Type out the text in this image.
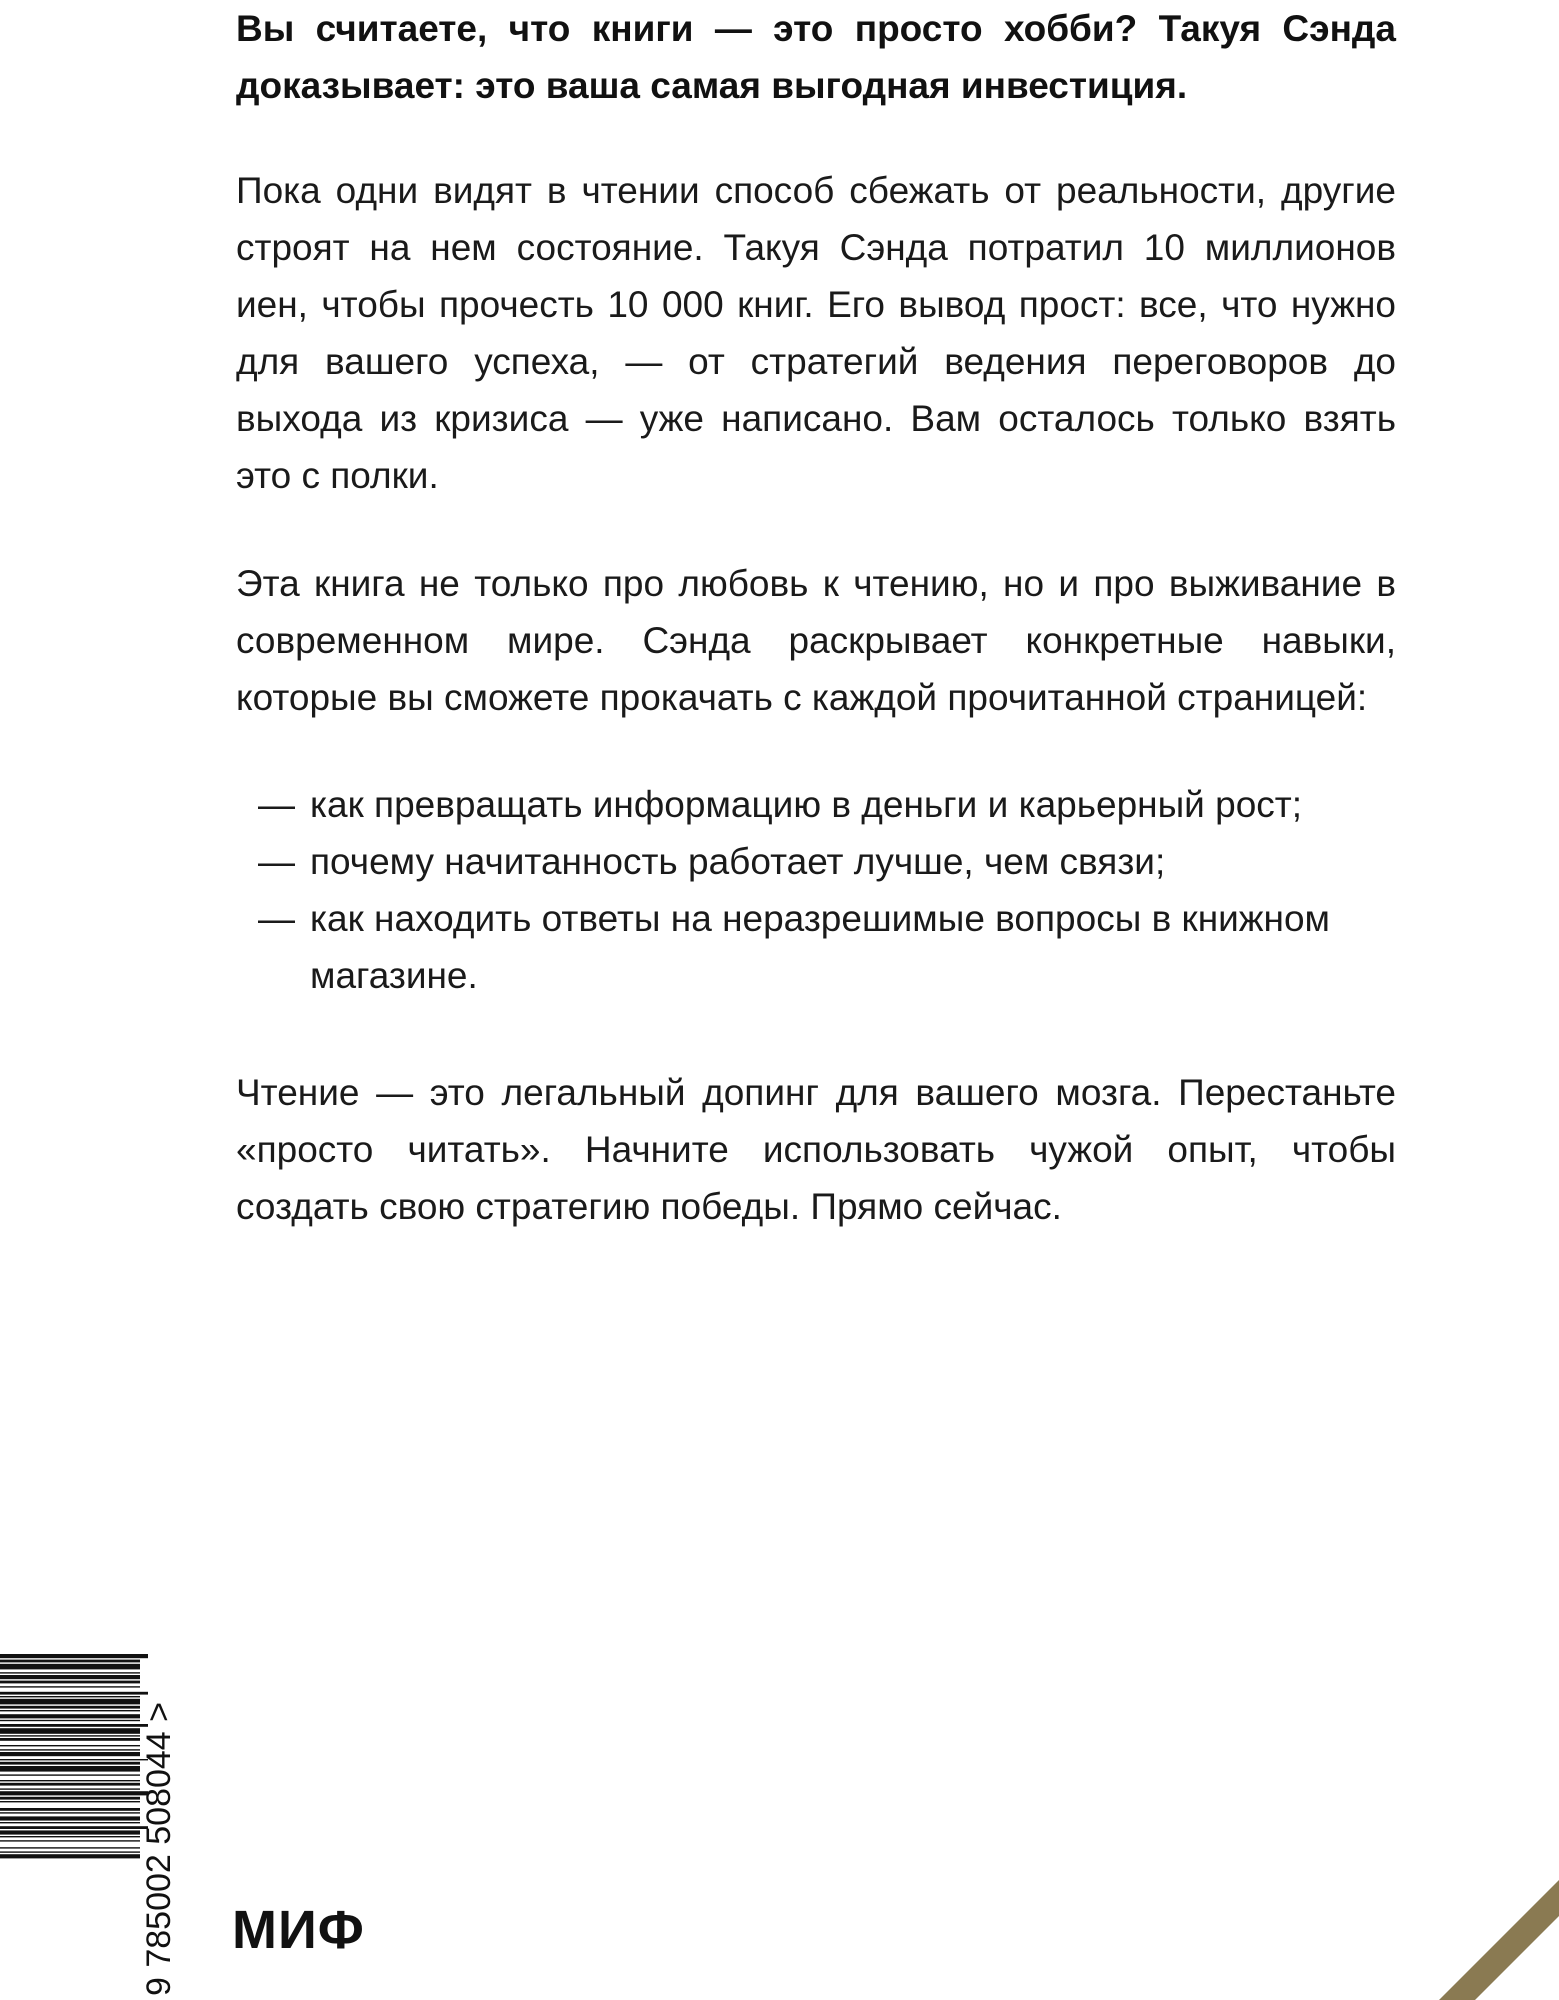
Вы считаете, что книги — это просто хобби? Такуя Сэнда доказывает: это ваша самая выгодная инвестиция.

Пока одни видят в чтении способ сбежать от реальности, другие строят на нем состояние. Такуя Сэнда потратил 10 миллионов иен, чтобы прочесть 10 000 книг. Его вывод прост: все, что нужно для вашего успеха, — от стратегий ведения переговоров до выхода из кризиса — уже написано. Вам осталось только взять это с полки.

Эта книга не только про любовь к чтению, но и про выживание в современном мире. Сэнда раскрывает конкретные навыки, которые вы сможете прокачать с каждой прочитанной страницей:

— как превращать информацию в деньги и карьерный рост;
— почему начитанность работает лучше, чем связи;
— как находить ответы на неразрешимые вопросы в книжном магазине.

Чтение — это легальный допинг для вашего мозга. Перестаньте «просто читать». Начните использовать чужой опыт, чтобы создать свою стратегию победы. Прямо сейчас.

9 785002 508044 > МИФ
